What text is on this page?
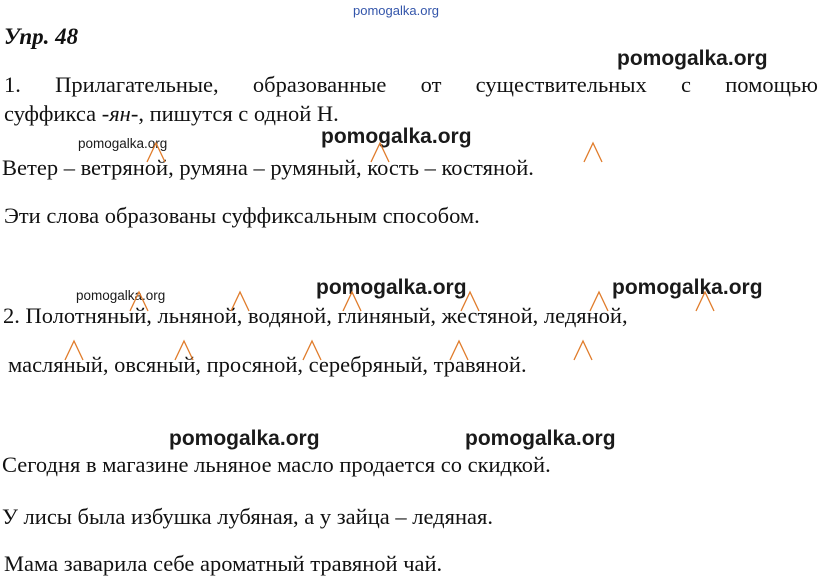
pomogalka.org
Упр. 48
pomogalka.org
pomogalka.org
pomogalka.org	pomogalka.org
pomogalka.org	pomogalka.org
pomogalka.org
pomogalka.org
1. Прилагательные, образованные от существительных с помощью
суффикса -ян-, пишутся с одной Н.
Ветер – ветряной, румяна – румяный, кость – костяной.
Эти слова образованы суффиксальным способом.
2. Полотняный, льняной, водяной, глиняный, жестяной, ледяной,
масляный, овсяный, просяной, серебряный, травяной.
Сегодня в магазине льняное масло продается со скидкой.
У лисы была избушка лубяная, а у зайца – ледяная.
Мама заварила себе ароматный травяной чай.
